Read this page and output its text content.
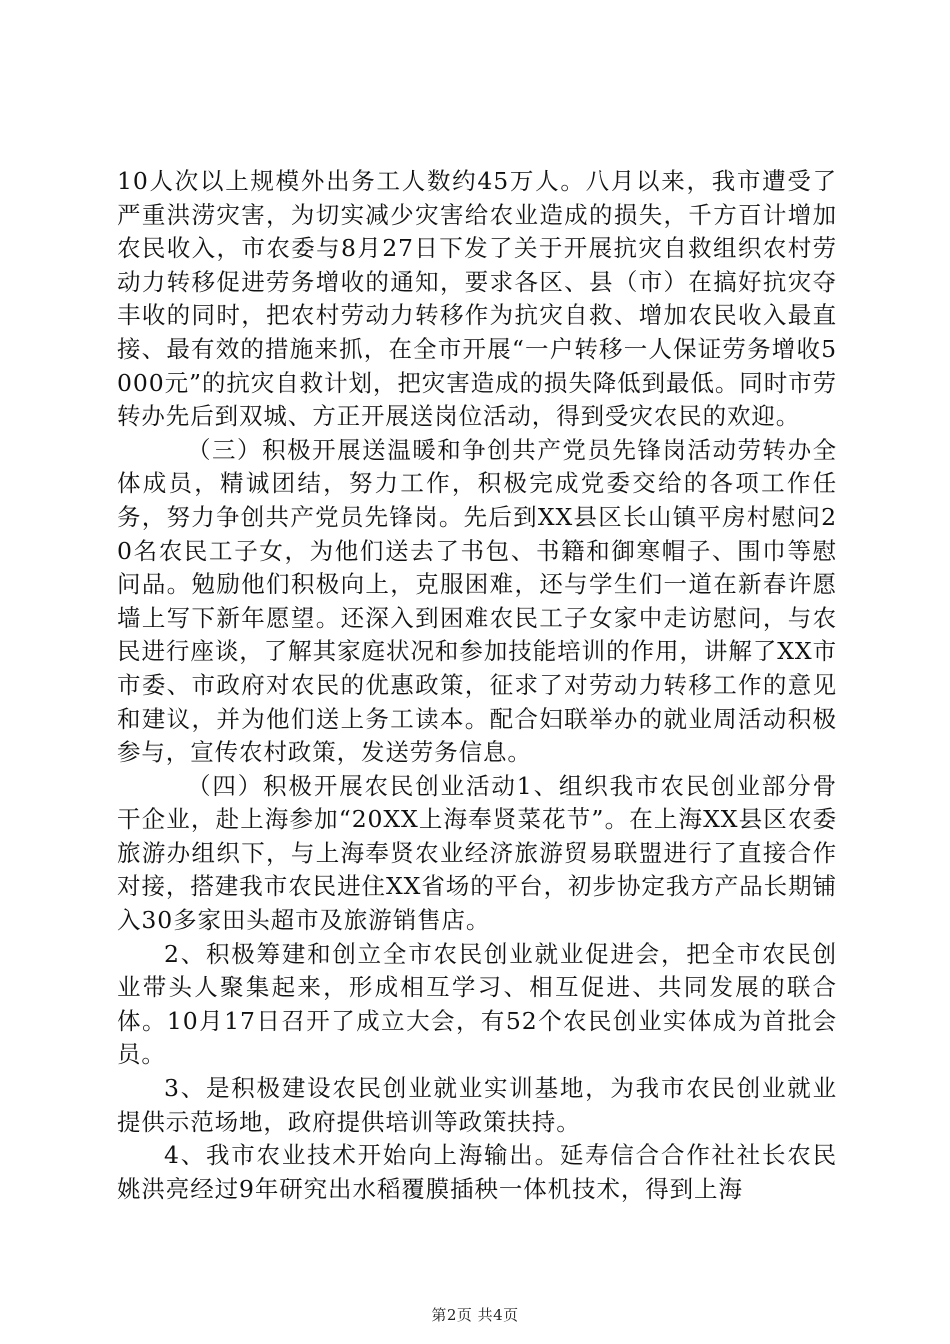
10人次以上规模外出务工人数约45万人。八月以来，我市遭受了严重洪涝灾害，为切实减少灾害给农业造成的损失，千方百计增加农民收入，市农委与8月27日下发了关于开展抗灾自救组织农村劳动力转移促进劳务增收的通知，要求各区、县（市）在搞好抗灾夺丰收的同时，把农村劳动力转移作为抗灾自救、增加农民收入最直接、最有效的措施来抓，在全市开展“一户转移一人保证劳务增收5000元”的抗灾自救计划，把灾害造成的损失降低到最低。同时市劳转办先后到双城、方正开展送岗位活动，得到受灾农民的欢迎。

（三）积极开展送温暖和争创共产党员先锋岗活动劳转办全体成员，精诚团结，努力工作，积极完成党委交给的各项工作任务，努力争创共产党员先锋岗。先后到XX县区长山镇平房村慰问20名农民工子女，为他们送去了书包、书籍和御寒帽子、围巾等慰问品。勉励他们积极向上，克服困难，还与学生们一道在新春许愿墙上写下新年愿望。还深入到困难农民工子女家中走访慰问，与农民进行座谈，了解其家庭状况和参加技能培训的作用，讲解了XX市市委、市政府对农民的优惠政策，征求了对劳动力转移工作的意见和建议，并为他们送上务工读本。配合妇联举办的就业周活动积极参与，宣传农村政策，发送劳务信息。

（四）积极开展农民创业活动1、组织我市农民创业部分骨干企业，赴上海参加“20XX上海奉贤菜花节”。在上海XX县区农委旅游办组织下，与上海奉贤农业经济旅游贸易联盟进行了直接合作对接，搭建我市农民进住XX省场的平台，初步协定我方产品长期铺入30多家田头超市及旅游销售店。

2、积极筹建和创立全市农民创业就业促进会，把全市农民创业带头人聚集起来，形成相互学习、相互促进、共同发展的联合体。10月17日召开了成立大会，有52个农民创业实体成为首批会员。

3、是积极建设农民创业就业实训基地，为我市农民创业就业提供示范场地，政府提供培训等政策扶持。

4、我市农业技术开始向上海输出。延寿信合合作社社长农民姚洪亮经过9年研究出水稻覆膜插秧一体机技术，得到上海

第2页 共4页
